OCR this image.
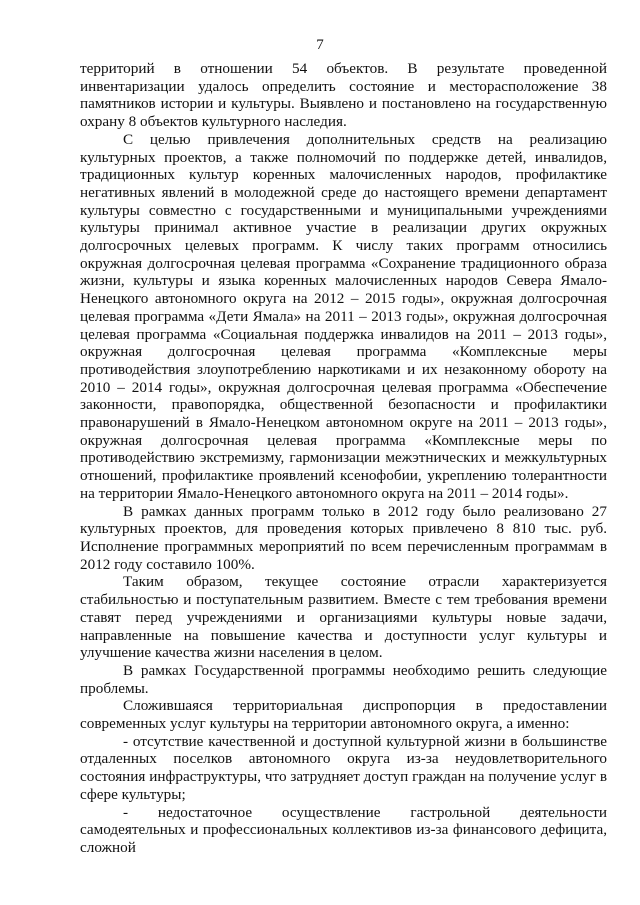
7

территорий в отношении 54 объектов. В результате проведенной инвентаризации удалось определить состояние и месторасположение 38 памятников истории и культуры. Выявлено и постановлено на государственную охрану 8 объектов культурного наследия.

С целью привлечения дополнительных средств на реализацию культурных проектов, а также полномочий по поддержке детей, инвалидов, традиционных культур коренных малочисленных народов, профилактике негативных явлений в молодежной среде до настоящего времени департамент культуры совместно с государственными и муниципальными учреждениями культуры принимал активное участие в реализации других окружных долгосрочных целевых программ. К числу таких программ относились окружная долгосрочная целевая программа «Сохранение традиционного образа жизни, культуры и языка коренных малочисленных народов Севера Ямало-Ненецкого автономного округа на 2012 – 2015 годы», окружная долгосрочная целевая программа «Дети Ямала» на 2011 – 2013 годы», окружная долгосрочная целевая программа «Социальная поддержка инвалидов на 2011 – 2013 годы», окружная долгосрочная целевая программа «Комплексные меры противодействия злоупотреблению наркотиками и их незаконному обороту на 2010 – 2014 годы», окружная долгосрочная целевая программа «Обеспечение законности, правопорядка, общественной безопасности и профилактики правонарушений в Ямало-Ненецком автономном округе на 2011 – 2013 годы», окружная долгосрочная целевая программа «Комплексные меры по противодействию экстремизму, гармонизации межэтнических и межкультурных отношений, профилактике проявлений ксенофобии, укреплению толерантности на территории Ямало-Ненецкого автономного округа на 2011 – 2014 годы».

В рамках данных программ только в 2012 году было реализовано 27 культурных проектов, для проведения которых привлечено 8 810 тыс. руб. Исполнение программных мероприятий по всем перечисленным программам в 2012 году составило 100%.

Таким образом, текущее состояние отрасли характеризуется стабильностью и поступательным развитием. Вместе с тем требования времени ставят перед учреждениями и организациями культуры новые задачи, направленные на повышение качества и доступности услуг культуры и улучшение качества жизни населения в целом.

В рамках Государственной программы необходимо решить следующие проблемы.

Сложившаяся территориальная диспропорция в предоставлении современных услуг культуры на территории автономного округа, а именно:

- отсутствие качественной и доступной культурной жизни в большинстве отдаленных поселков автономного округа из-за неудовлетворительного состояния инфраструктуры, что затрудняет доступ граждан на получение услуг в сфере культуры;

- недостаточное осуществление гастрольной деятельности самодеятельных и профессиональных коллективов из-за финансового дефицита, сложной
